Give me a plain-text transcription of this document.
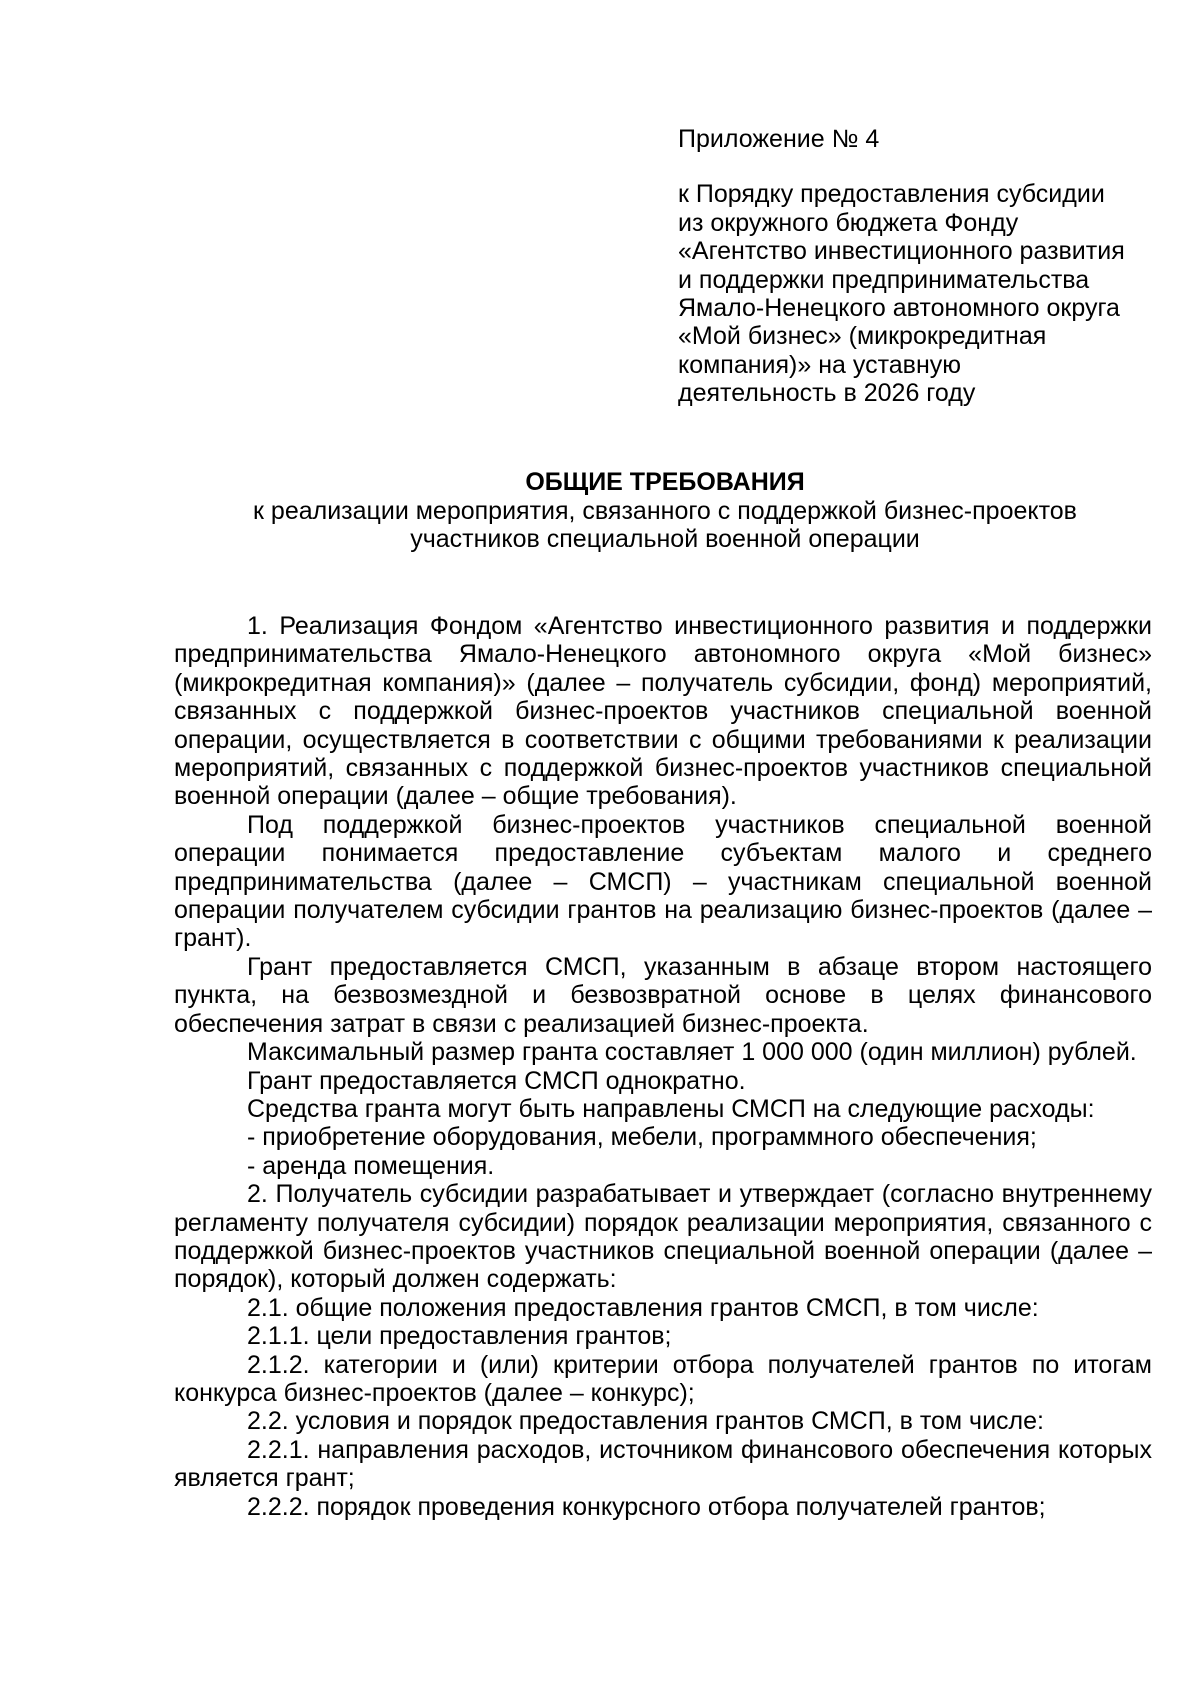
Приложение № 4
к Порядку предоставления субсидии
из окружного бюджета Фонду
«Агентство инвестиционного развития
и поддержки предпринимательства
Ямало-Ненецкого автономного округа
«Мой бизнес» (микрокредитная
компания)» на уставную
деятельность в 2026 году
ОБЩИЕ ТРЕБОВАНИЯ
к реализации мероприятия, связанного с поддержкой бизнес-проектов
участников специальной военной операции

1. Реализация Фондом «Агентство инвестиционного развития и поддержки предпринимательства Ямало-Ненецкого автономного округа «Мой бизнес» (микрокредитная компания)» (далее – получатель субсидии, фонд) мероприятий, связанных с поддержкой бизнес-проектов участников специальной военной операции, осуществляется в соответствии с общими требованиями к реализации мероприятий, связанных с поддержкой бизнес-проектов участников специальной военной операции (далее – общие требования).

Под поддержкой бизнес-проектов участников специальной военной операции понимается предоставление субъектам малого и среднего предпринимательства (далее – СМСП) – участникам специальной военной операции получателем субсидии грантов на реализацию бизнес-проектов (далее – грант).

Грант предоставляется СМСП, указанным в абзаце втором настоящего пункта, на безвозмездной и безвозвратной основе в целях финансового обеспечения затрат в связи с реализацией бизнес-проекта.

Максимальный размер гранта составляет 1 000 000 (один миллион) рублей.

Грант предоставляется СМСП однократно.

Средства гранта могут быть направлены СМСП на следующие расходы:

- приобретение оборудования, мебели, программного обеспечения;

- аренда помещения.

2. Получатель субсидии разрабатывает и утверждает (согласно внутреннему регламенту получателя субсидии) порядок реализации мероприятия, связанного с поддержкой бизнес-проектов участников специальной военной операции (далее – порядок), который должен содержать:

2.1. общие положения предоставления грантов СМСП, в том числе:

2.1.1. цели предоставления грантов;

2.1.2. категории и (или) критерии отбора получателей грантов по итогам конкурса бизнес-проектов (далее – конкурс);

2.2. условия и порядок предоставления грантов СМСП, в том числе:

2.2.1. направления расходов, источником финансового обеспечения которых является грант;

2.2.2. порядок проведения конкурсного отбора получателей грантов;
